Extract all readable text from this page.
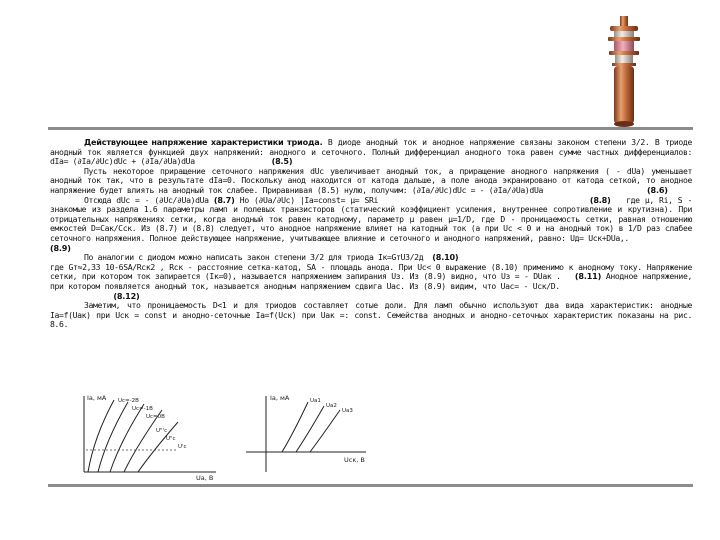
Действующее напряжение характеристики триода. В диоде анодный ток и анодное напряжение связаны законом степени 3/2. В триоде анодный ток является функцией двух напряжений: анодного и сеточного. Полный дифференциал анодного тока равен сумме частных дифференциалов: dIa= (∂Ia/∂Uc)dUc + (∂Ia/∂Ua)dUa	(8.5)

Пусть некоторое приращение сеточного напряжения dUc увеличивает анодный ток, а приращение анодного напряжения ( - dUa) уменьшает анодный ток так, что в результате dIa=0. Поскольку анод находится от катода дальше, а поле анода экранировано от катода сеткой, то анодное напряжение будет влиять на анодный ток слабее. Приравнивая (8.5) нулю, получим: (∂Ia/∂Uc)dUc = - (∂Ia/∂Ua)dUa	(8.6)

Отсюда dUc = - (∂Uc/∂Ua)dUa (8.7) Но (∂Ua/∂Uc) |Ia=const= μ= SRi	(8.8) где μ, Ri, S - знакомые из раздела 1.6 параметры ламп и полевых транзисторов (статический коэффициент усиления, внутреннее сопротивление и крутизна). При отрицательных напряжениях сетки, когда анодный ток равен катодному, параметр μ равен μ=1/D, где D - проницаемость сетки, равная отношению емкостей D=Cак/Cск. Из (8.7) и (8.8) следует, что анодное напряжение влияет на катодный ток (а при Uc < 0 и на анодный ток) в 1/D раз слабее сеточного напряжения. Полное действующее напряжение, учитывающее влияние и сеточного и анодного напряжений, равно: Uд= Uск+DUа,.

(8.9)

По аналогии с диодом можно написать закон степени 3/2 для триода Iк=GтU3/2д (8.10)

где Gт≈2,33 10-6SA/Rск2 , Rск - расстояние сетка-катод, SA - площадь анода. При Uc< 0 выражение (8.10) применимо к анодному току. Напряжение сетки, при котором ток запирается (Iк=0), называется напряжением запирания Uз. Из (8.9) видно, что Uз = - DUак . (8.11) Анодное напряжение, при котором появляется анодный ток, называется анодным напряжением сдвига Uас. Из (8.9) видим, что Uас= - Uск/D.                                           (8.12)

Заметим, что проницаемость D<1 и для триодов составляет сотые доли. Для ламп обычно используют два вида характеристик: анодные Ia=f(Uак) при Uск = const и анодно-сеточные Ia=f(Uск) при Uак =: const. Семейства анодных и анодно-сеточных характеристик показаны на рис. 8.6.

Iа, мА
Uа, В
Uc=-2В
Uc=-1В
Uc=0В
U"'с
U"с
U'с
Iа, мА
Uск, В
Ua1
Ua2
Ua3
